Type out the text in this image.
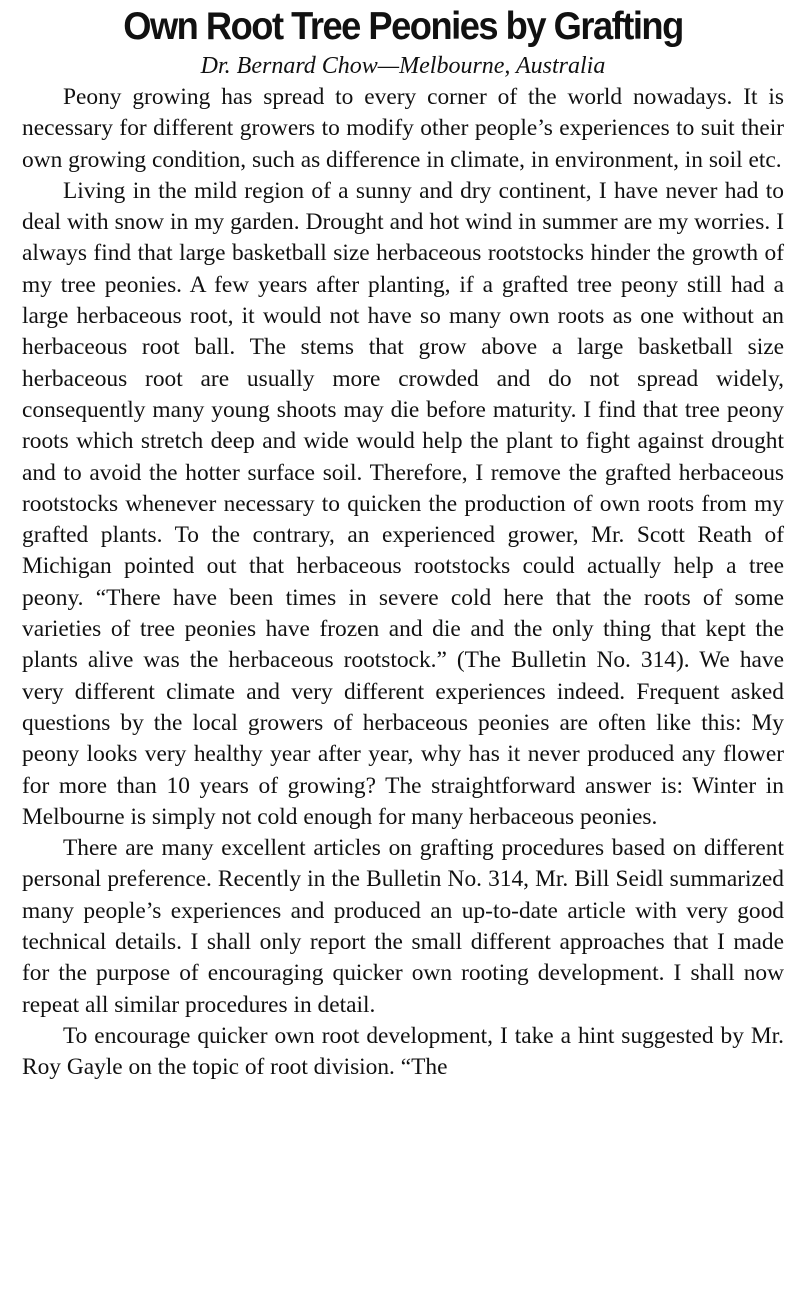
Own Root Tree Peonies by Grafting

Dr. Bernard Chow—Melbourne, Australia

Peony growing has spread to every corner of the world nowadays. It is necessary for different growers to modify other people’s experiences to suit their own growing condition, such as difference in climate, in environment, in soil etc.

Living in the mild region of a sunny and dry continent, I have never had to deal with snow in my garden. Drought and hot wind in summer are my worries. I always find that large basketball size herbaceous rootstocks hinder the growth of my tree peonies. A few years after planting, if a grafted tree peony still had a large herbaceous root, it would not have so many own roots as one without an herbaceous root ball. The stems that grow above a large basketball size herbaceous root are usually more crowded and do not spread widely, consequently many young shoots may die before maturity. I find that tree peony roots which stretch deep and wide would help the plant to fight against drought and to avoid the hotter surface soil. Therefore, I remove the grafted herbaceous rootstocks whenever necessary to quicken the production of own roots from my grafted plants. To the contrary, an experienced grower, Mr. Scott Reath of Michigan pointed out that herbaceous rootstocks could actually help a tree peony. “There have been times in severe cold here that the roots of some varieties of tree peonies have frozen and die and the only thing that kept the plants alive was the herbaceous rootstock.” (The Bulletin No. 314). We have very different climate and very different experiences indeed. Frequent asked questions by the local growers of herbaceous peonies are often like this: My peony looks very healthy year after year, why has it never produced any flower for more than 10 years of growing? The straightforward answer is: Winter in Melbourne is simply not cold enough for many herbaceous peonies.

There are many excellent articles on grafting procedures based on different personal preference. Recently in the Bulletin No. 314, Mr. Bill Seidl summarized many people’s experiences and produced an up-to-date article with very good technical details. I shall only report the small different approaches that I made for the purpose of encouraging quicker own rooting development. I shall now repeat all similar procedures in detail.

To encourage quicker own root development, I take a hint suggested by Mr. Roy Gayle on the topic of root division. “The
